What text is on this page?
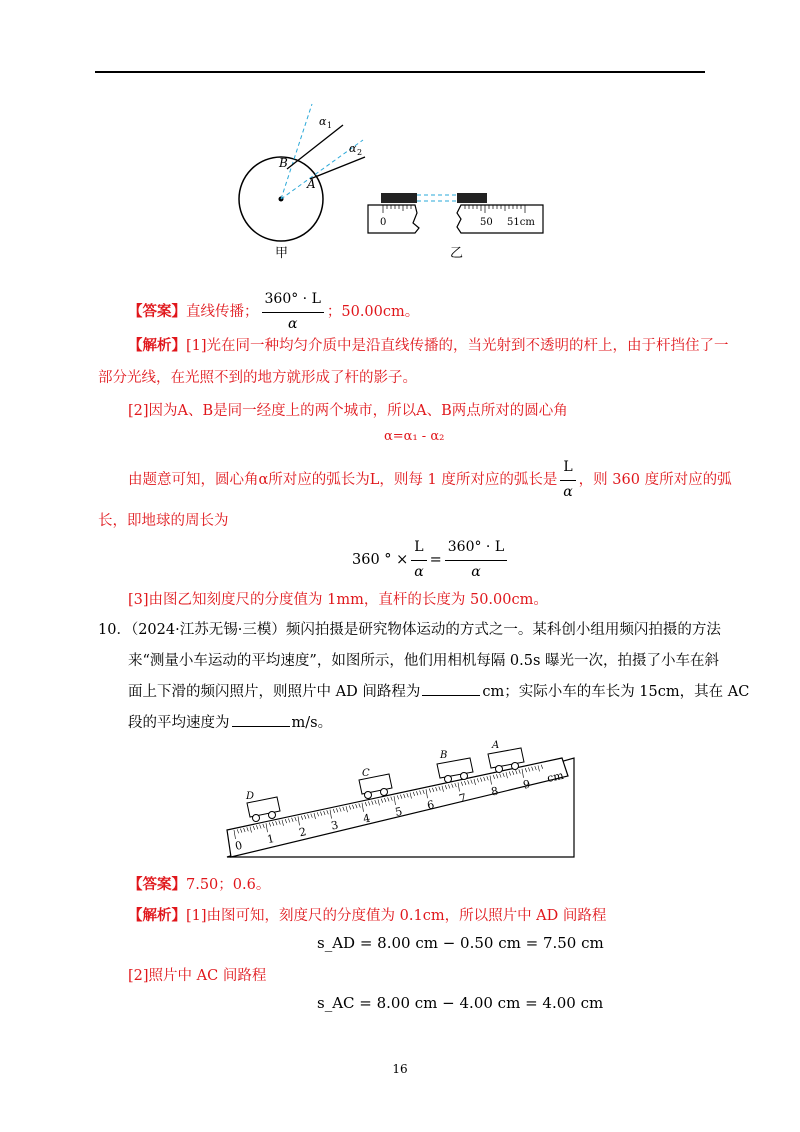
B
A
α 1
α 2
甲
0	50 51cm
乙
【答案】直线传播； $\frac{360^\circ \cdot L}{\alpha}$ ；50.00cm。
【解析】[1]光在同一种均匀介质中是沿直线传播的，当光射到不透明的杆上，由于杆挡住了一
部分光线，在光照不到的地方就形成了杆的影子。
[2]因为A、B是同一经度上的两个城市，所以A、B两点所对的圆心角
α=α₁ - α₂
由题意可知，圆心角α所对应的弧长为L，则每 1 度所对应的弧长是 $\frac{L}{\alpha}$ ，则 360 度所对应的弧
长，即地球的周长为
360 ° × $\frac{L}{\alpha} = \frac{360^\circ \cdot L}{\alpha}$
[3]由图乙知刻度尺的分度值为 1mm，直杆的长度为 50.00cm。
10．（2024·江苏无锡·三模）频闪拍摄是研究物体运动的方式之一。某科创小组用频闪拍摄的方法
来“测量小车运动的平均速度”，如图所示，他们用相机每隔 0.5s 曝光一次，拍摄了小车在斜
面上下滑的频闪照片，则照片中 AD 间路程为	cm；实际小车的车长为 15cm，其在 AC
段的平均速度为	m/s。
0 1 2 3 4 5 6 7 8 9 cm
D
C
B
A
【答案】7.50；0.6。
【解析】[1]由图可知，刻度尺的分度值为 0.1cm，所以照片中 AD 间路程
s_AD = 8.00 cm − 0.50 cm = 7.50 cm
[2]照片中 AC 间路程
s_AC = 8.00 cm − 4.00 cm = 4.00 cm
16
